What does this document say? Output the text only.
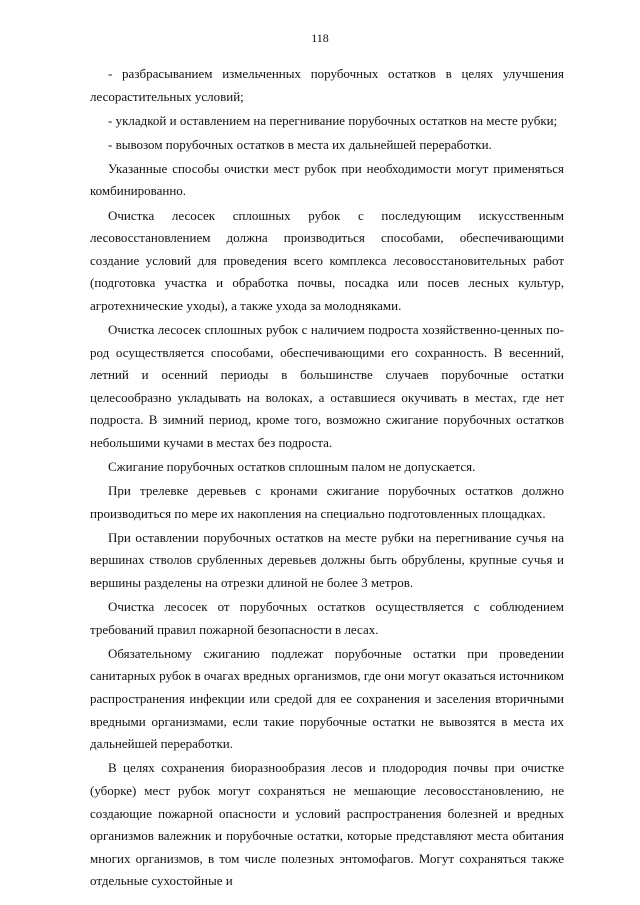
118

- разбрасыванием измельченных порубочных остатков в целях улучшения лесорастительных условий;

- укладкой и оставлением на перегнивание порубочных остатков на месте рубки;

- вывозом порубочных остатков в места их дальнейшей переработки.

Указанные способы очистки мест рубок при необходимости могут применяться комбинированно.

Очистка лесосек сплошных рубок с последующим искусственным лесовосстановлением должна производиться способами, обеспечивающими создание условий для проведения всего комплекса лесовосстановительных работ (подготовка участка и обработка почвы, посадка или посев лесных культур, агротехнические уходы), а также ухода за молодняками.

Очистка лесосек сплошных рубок с наличием подроста хозяйственно-ценных пород осуществляется способами, обеспечивающими его сохранность. В весенний, летний и осенний периоды в большинстве случаев порубочные остатки целесообразно укладывать на волоках, а оставшиеся окучивать в местах, где нет подроста. В зимний период, кроме того, возможно сжигание порубочных остатков небольшими кучами в местах без подроста.

Сжигание порубочных остатков сплошным палом не допускается.

При трелевке деревьев с кронами сжигание порубочных остатков должно производиться по мере их накопления на специально подготовленных площадках.

При оставлении порубочных остатков на месте рубки на перегнивание сучья на вершинах стволов срубленных деревьев должны быть обрублены, крупные сучья и вершины разделены на отрезки длиной не более 3 метров.

Очистка лесосек от порубочных остатков осуществляется с соблюдением требований правил пожарной безопасности в лесах.

Обязательному сжиганию подлежат порубочные остатки при проведении санитарных рубок в очагах вредных организмов, где они могут оказаться источником распространения инфекции или средой для ее сохранения и заселения вторичными вредными организмами, если такие порубочные остатки не вывозятся в места их дальнейшей переработки.

В целях сохранения биоразнообразия лесов и плодородия почвы при очистке (уборке) мест рубок могут сохраняться не мешающие лесовосстановлению, не создающие пожарной опасности и условий распространения болезней и вредных организмов валежник и порубочные остатки, которые представляют места обитания многих организмов, в том числе полезных энтомофагов. Могут сохраняться также отдельные сухостойные и
